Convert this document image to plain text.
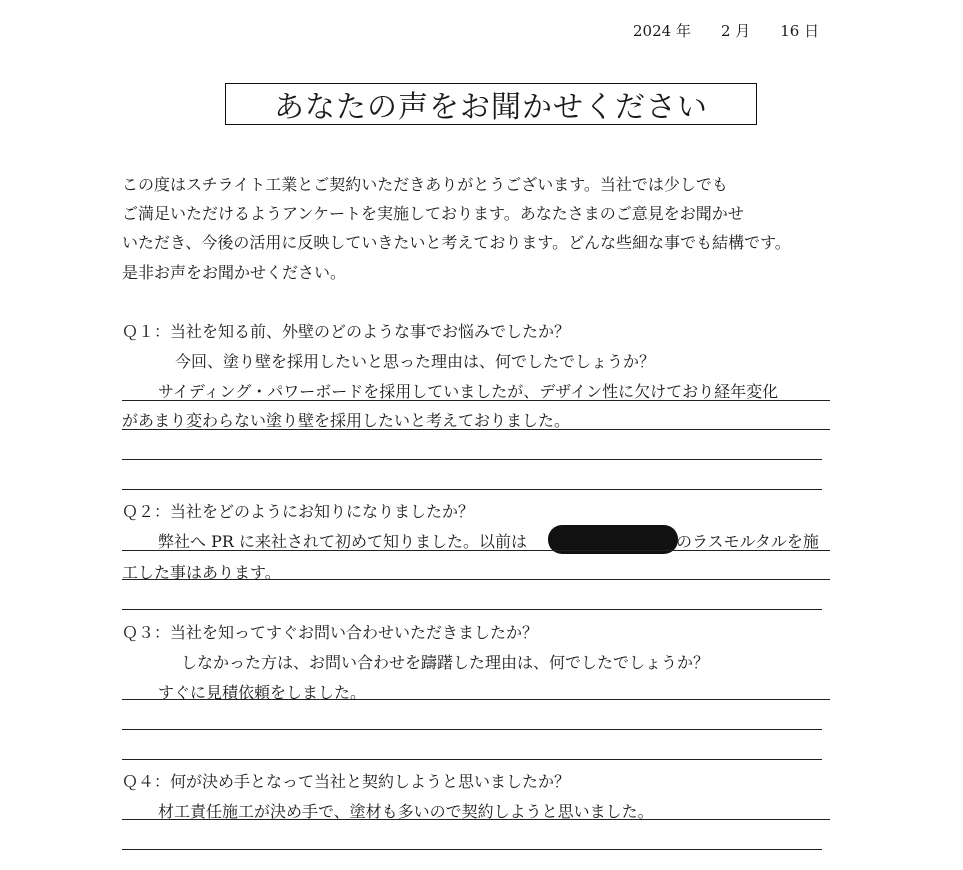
2024 年　　2 月　　16 日
あなたの声をお聞かせください
この度はスチライト工業とご契約いただきありがとうございます。当社では少しでも
ご満足いただけるようアンケートを実施しております。あなたさまのご意見をお聞かせ
いただき、今後の活用に反映していきたいと考えております。どんな些細な事でも結構です。
是非お声をお聞かせください。
Ｑ１：当社を知る前、外壁のどのような事でお悩みでしたか？
今回、塗り壁を採用したいと思った理由は、何でしたでしょうか？
サイディング・パワーボードを採用していましたが、デザイン性に欠けており経年変化
があまり変わらない塗り壁を採用したいと考えておりました。
Ｑ２：当社をどのようにお知りになりましたか？
弊社へ PR に来社されて初めて知りました。以前は	のラスモルタルを施
工した事はあります。
Ｑ３：当社を知ってすぐお問い合わせいただきましたか？
しなかった方は、お問い合わせを躊躇した理由は、何でしたでしょうか？
すぐに見積依頼をしました。
Ｑ４：何が決め手となって当社と契約しようと思いましたか？
材工責任施工が決め手で、塗材も多いので契約しようと思いました。
